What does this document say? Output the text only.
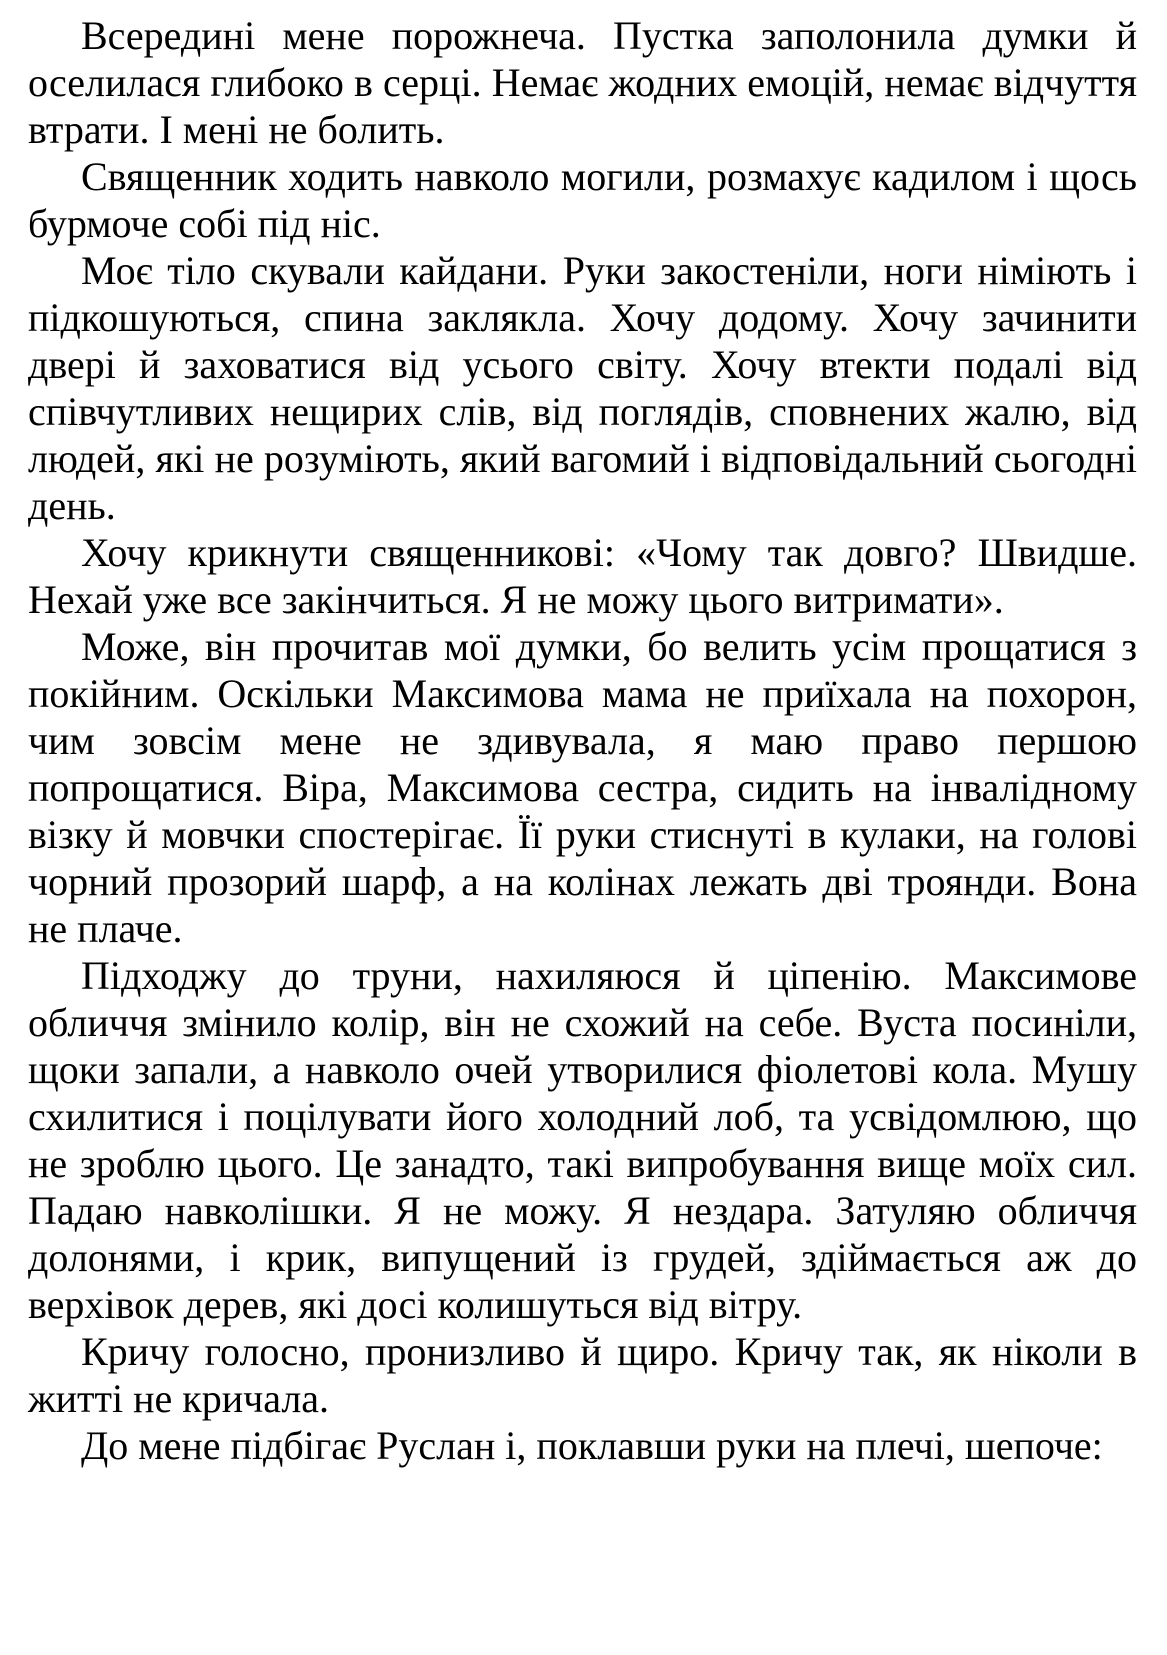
Всередині мене порожнеча. Пустка заполонила думки й оселилася глибоко в серці. Немає жодних емоцій, немає відчуття втрати. І мені не болить.

Священник ходить навколо могили, розмахує кадилом і щось бурмоче собі під ніс.

Моє тіло скували кайдани. Руки закостеніли, ноги німіють і підкошуються, спина заклякла. Хочу додому. Хочу зачинити двері й заховатися від усього світу. Хочу втекти подалі від співчутливих нещирих слів, від поглядів, сповнених жалю, від людей, які не розуміють, який вагомий і відповідальний сьогодні день.

Хочу крикнути священникові: «Чому так довго? Швидше. Нехай уже все закінчиться. Я не можу цього витримати».

Може, він прочитав мої думки, бо велить усім прощатися з покійним. Оскільки Максимова мама не приїхала на похорон, чим зовсім мене не здивувала, я маю право першою попрощатися. Віра, Максимова сестра, сидить на інвалідному візку й мовчки спостерігає. Її руки стиснуті в кулаки, на голові чорний прозорий шарф, а на колінах лежать дві троянди. Вона не плаче.

Підходжу до труни, нахиляюся й ціпенію. Максимове обличчя змінило колір, він не схожий на себе. Вуста посиніли, щоки запали, а навколо очей утворилися фіолетові кола. Мушу схилитися і поцілувати його холодний лоб, та усвідомлюю, що не зроблю цього. Це занадто, такі випробування вище моїх сил. Падаю навколішки. Я не можу. Я нездара. Затуляю обличчя долонями, і крик, випущений із грудей, здіймається аж до верхівок дерев, які досі колишуться від вітру.

Кричу голосно, пронизливо й щиро. Кричу так, як ніколи в житті не кричала.

До мене підбігає Руслан і, поклавши руки на плечі, шепоче:
